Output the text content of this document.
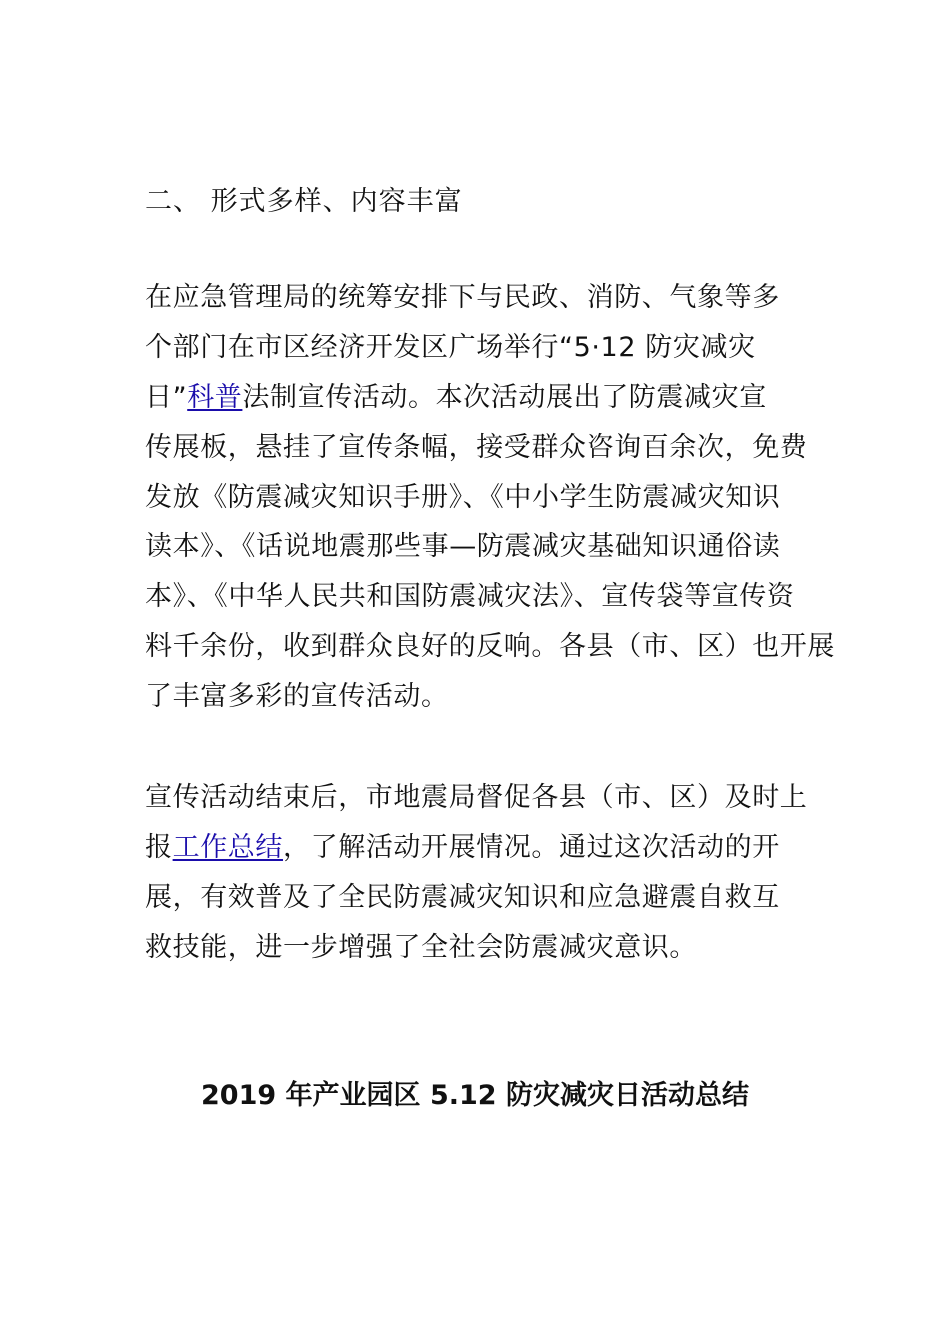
二、 形式多样、内容丰富
在应急管理局的统筹安排下与民政、消防、气象等多
个部门在市区经济开发区广场举行“5·12 防灾减灾
日”科普法制宣传活动。本次活动展出了防震减灾宣
传展板，悬挂了宣传条幅，接受群众咨询百余次，免费
发放《防震减灾知识手册》、《中小学生防震减灾知识
读本》、《话说地震那些事—防震减灾基础知识通俗读
本》、《中华人民共和国防震减灾法》、宣传袋等宣传资
料千余份，收到群众良好的反响。各县（市、区）也开展
了丰富多彩的宣传活动。
宣传活动结束后，市地震局督促各县（市、区）及时上
报工作总结，了解活动开展情况。通过这次活动的开
展，有效普及了全民防震减灾知识和应急避震自救互
救技能，进一步增强了全社会防震减灾意识。
2019 年产业园区 5.12 防灾减灾日活动总结
